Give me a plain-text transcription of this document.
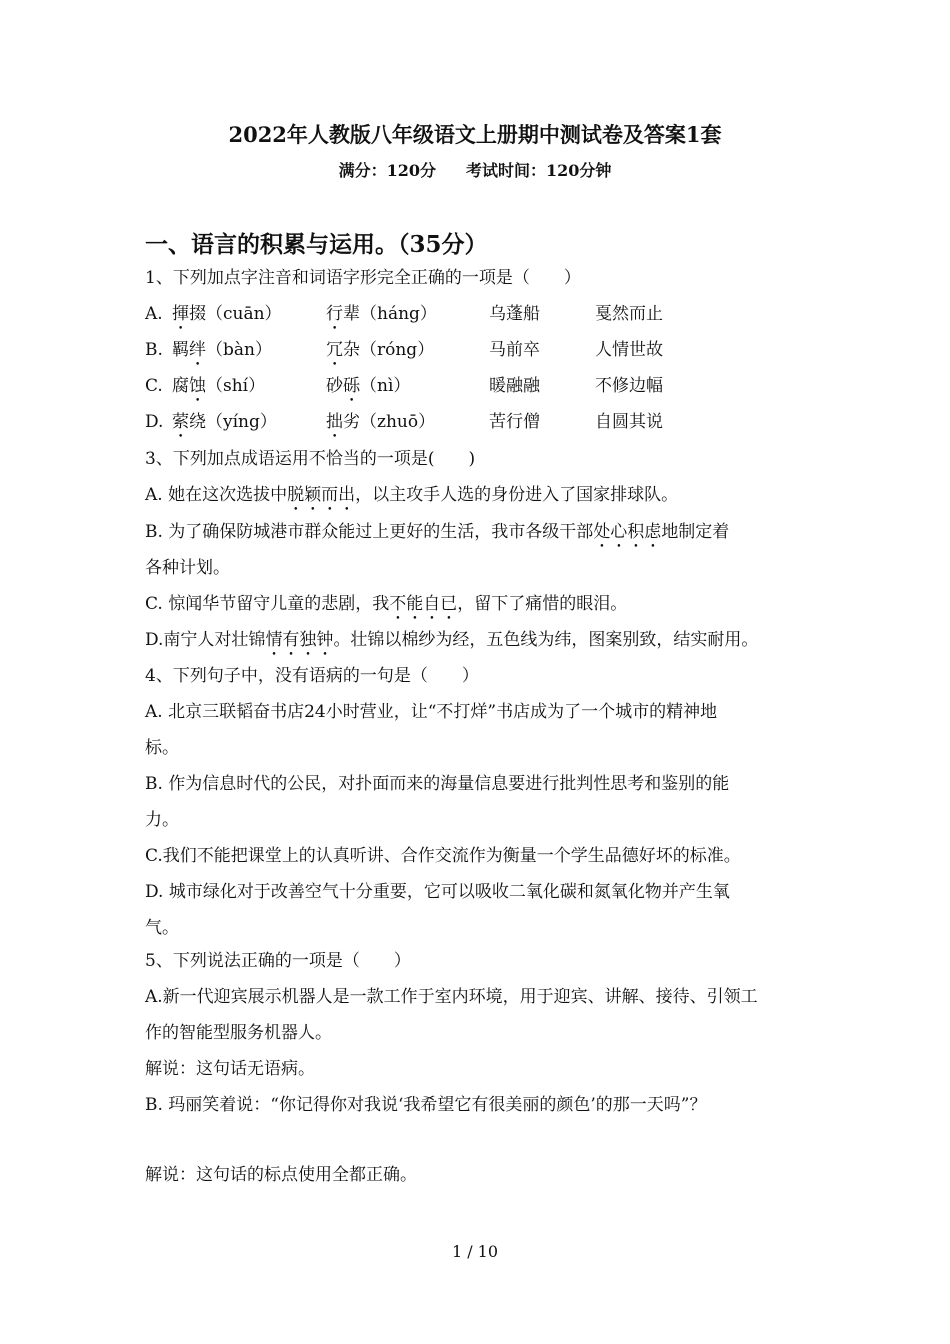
2022年人教版八年级语文上册期中测试卷及答案1套
满分：120分 考试时间：120分钟
一、语言的积累与运用。（35分）
1、下列加点字注音和词语字形完全正确的一项是（　　）
A. 揮掇（cuān）	行辈（háng）	乌蓬船	戛然而止
B. 羁绊（bàn）	冗杂（róng）	马前卒	人情世故
C. 腐蚀（shí）	砂砾（nì）	暖融融	不修边幅
D. 萦绕（yíng）	拙劣（zhuō）	苦行僧	自圆其说
3、下列加点成语运用不恰当的一项是(　　)
A. 她在这次选拔中脱颖而出，以主攻手人选的身份进入了国家排球队。
B. 为了确保防城港市群众能过上更好的生活，我市各级干部处心积虑地制定着
各种计划。
C. 惊闻华节留守儿童的悲剧，我不能自已，留下了痛惜的眼泪。
D.南宁人对壮锦情有独钟。壮锦以棉纱为经，五色线为纬，图案别致，结实耐用。
4、下列句子中，没有语病的一句是（　　）
A. 北京三联韬奋书店24小时营业，让“不打烊”书店成为了一个城市的精神地
标。
B. 作为信息时代的公民，对扑面而来的海量信息要进行批判性思考和鉴别的能
力。
C.我们不能把课堂上的认真听讲、合作交流作为衡量一个学生品德好坏的标准。
D. 城市绿化对于改善空气十分重要，它可以吸收二氧化碳和氮氧化物并产生氧
气。
5、下列说法正确的一项是（　　）
A.新一代迎宾展示机器人是一款工作于室内环境，用于迎宾、讲解、接待、引领工
作的智能型服务机器人。
解说：这句话无语病。
B. 玛丽笑着说：“你记得你对我说‘我希望它有很美丽的颜色’的那一天吗”？
解说：这句话的标点使用全都正确。
1 / 10
